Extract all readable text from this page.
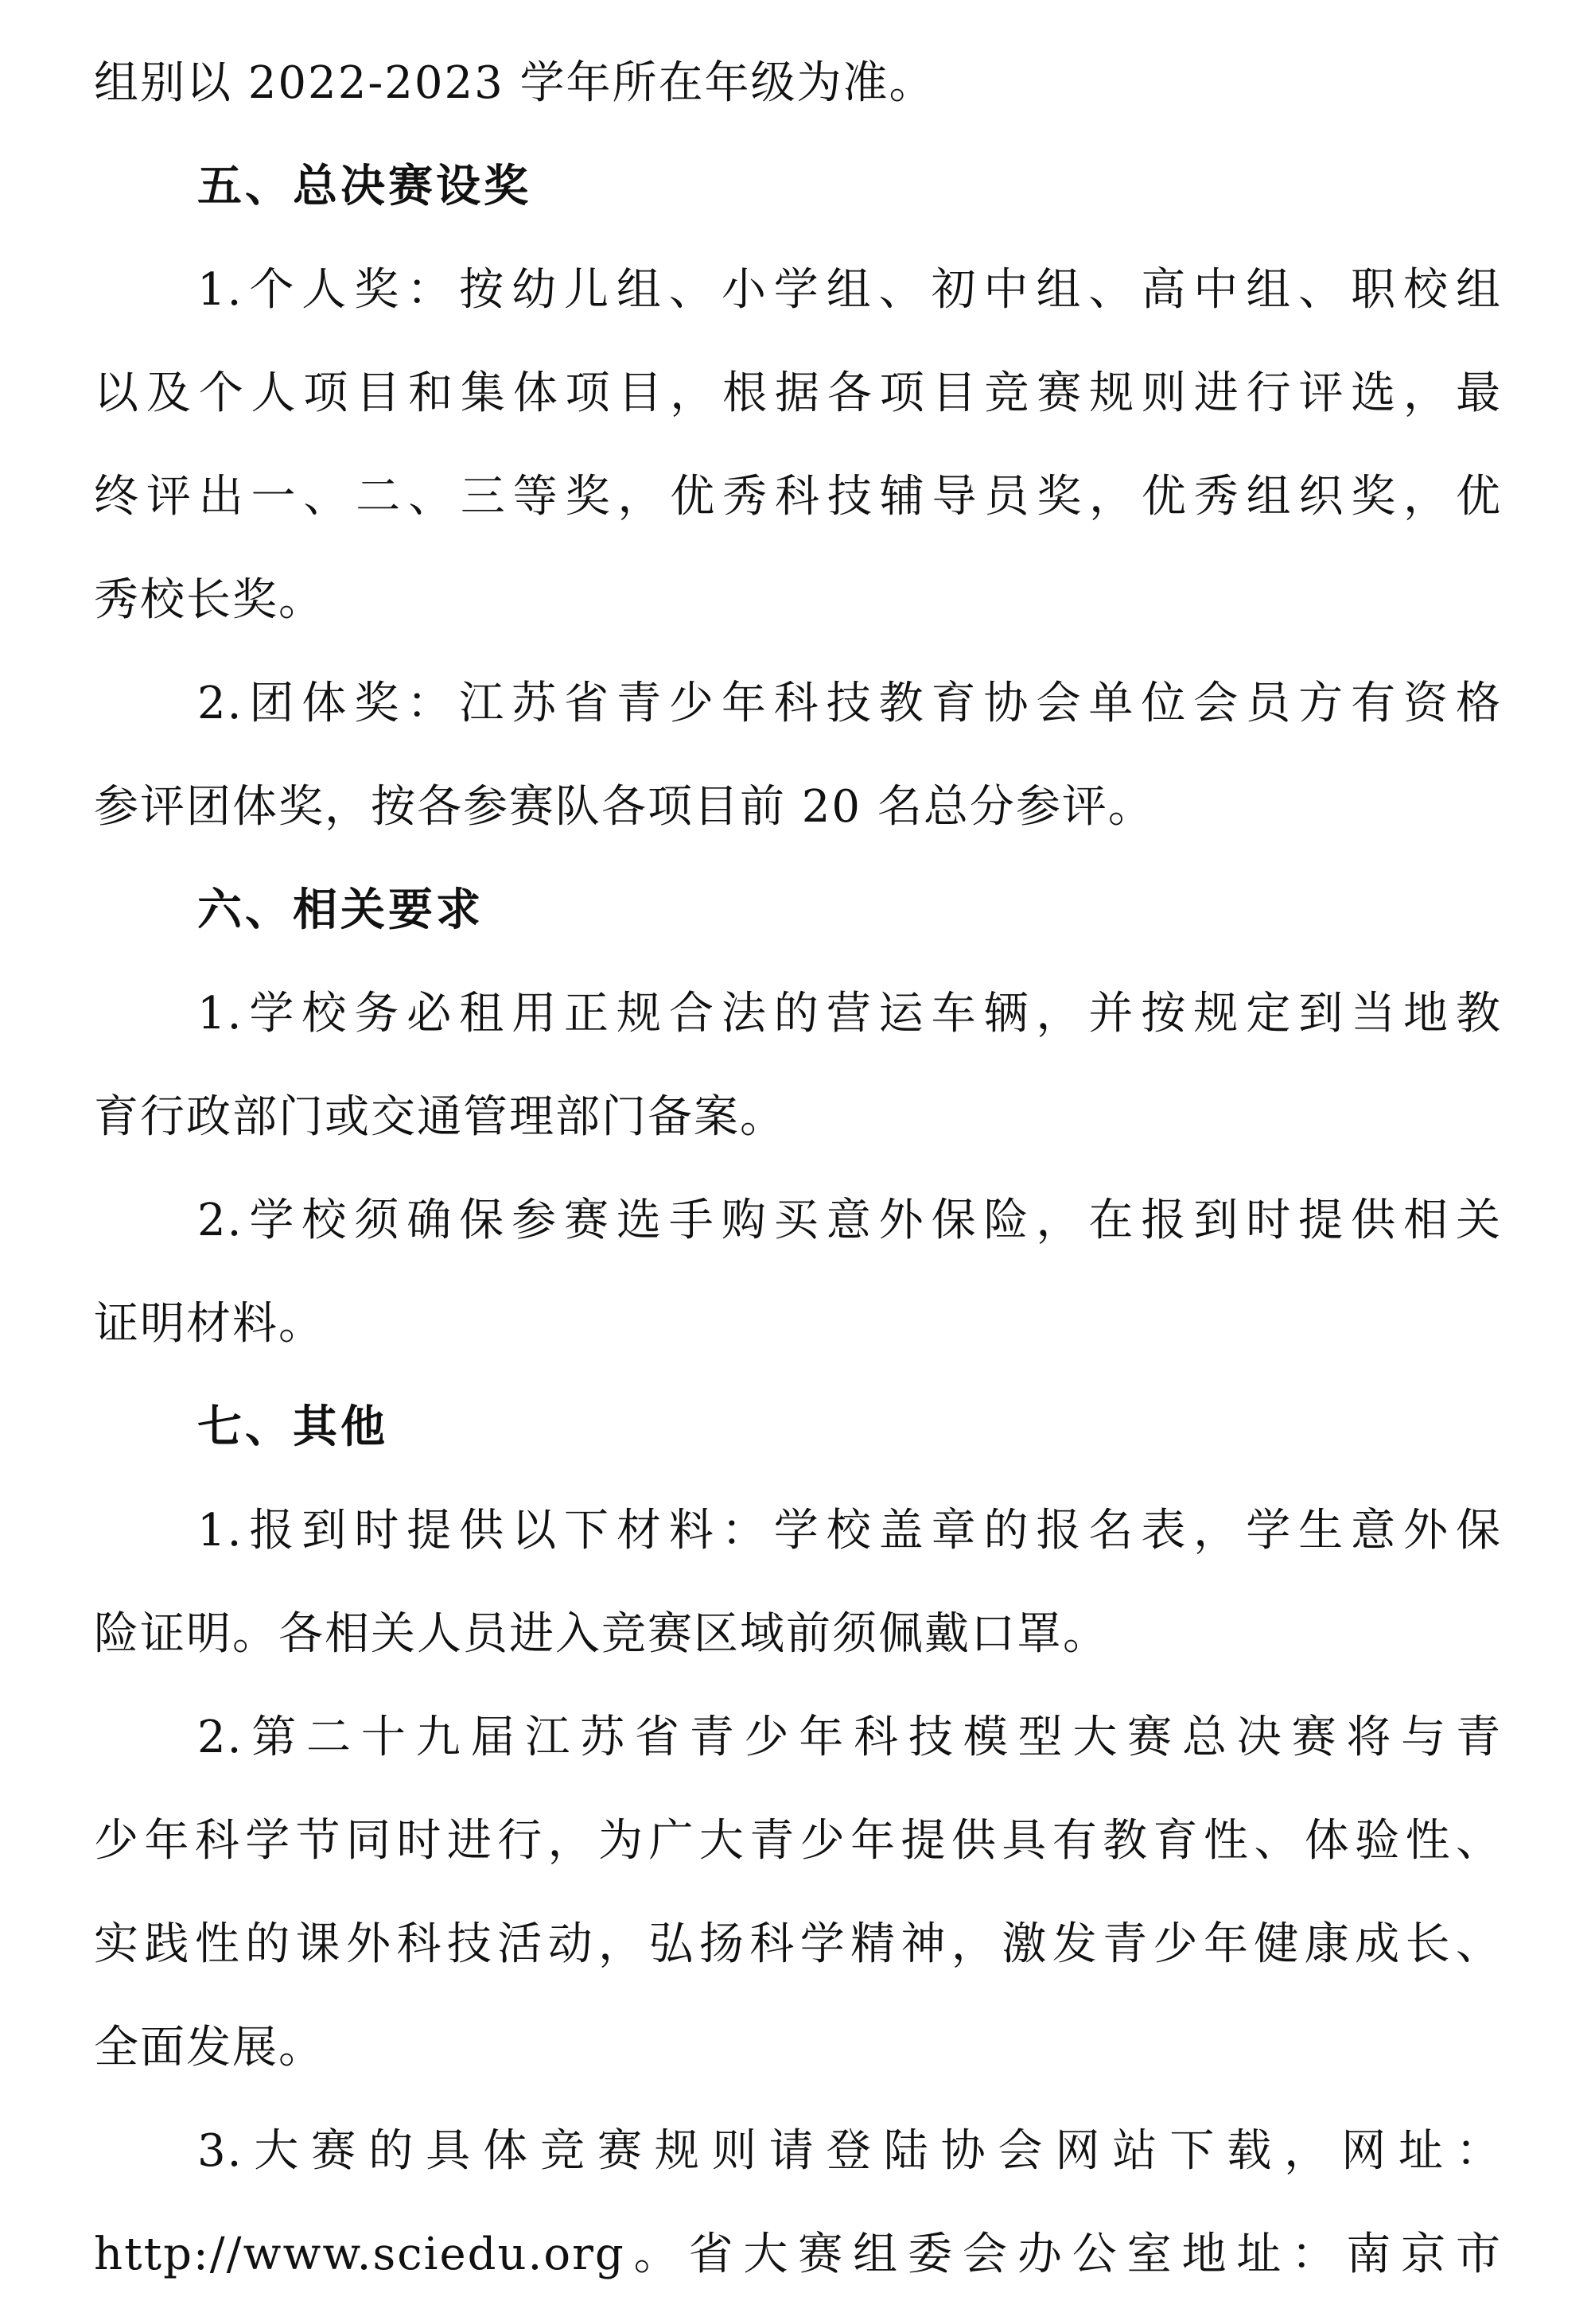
组别以 2022-2023 学年所在年级为准。
五、总决赛设奖
1.个人奖：按幼儿组、小学组、初中组、高中组、职校组
以及个人项目和集体项目，根据各项目竞赛规则进行评选，最
终评出一、二、三等奖，优秀科技辅导员奖，优秀组织奖，优
秀校长奖。
2.团体奖：江苏省青少年科技教育协会单位会员方有资格
参评团体奖，按各参赛队各项目前 20 名总分参评。
六、相关要求
1.学校务必租用正规合法的营运车辆，并按规定到当地教
育行政部门或交通管理部门备案。
2.学校须确保参赛选手购买意外保险，在报到时提供相关
证明材料。
七、其他
1.报到时提供以下材料：学校盖章的报名表，学生意外保
险证明。各相关人员进入竞赛区域前须佩戴口罩。
2.第二十九届江苏省青少年科技模型大赛总决赛将与青
少年科学节同时进行，为广大青少年提供具有教育性、体验性、
实践性的课外科技活动，弘扬科学精神，激发青少年健康成长、
全面发展。
3.大赛的具体竞赛规则请登陆协会网站下载，网址：
http://www.sciedu.org。省大赛组委会办公室地址：南京市
